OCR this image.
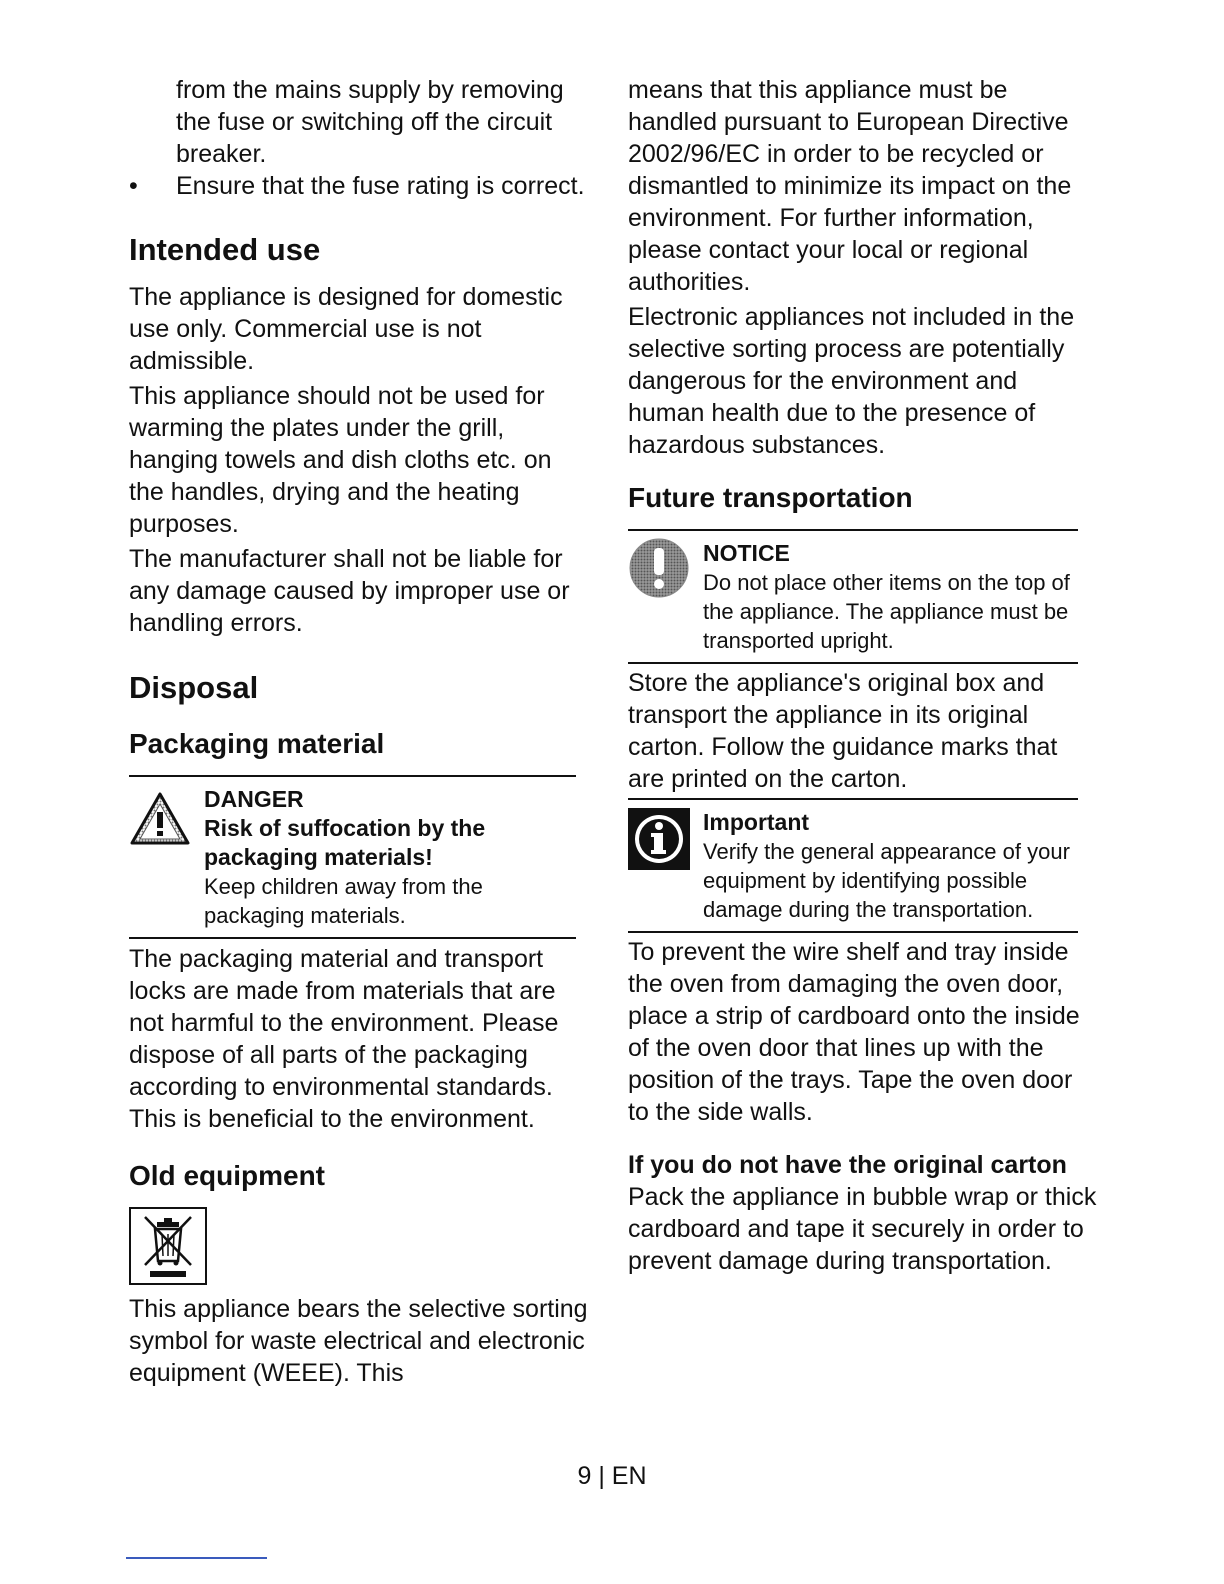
from the mains supply by removing the fuse or switching off the circuit breaker.

•	Ensure that the fuse rating is correct.
Intended use

The appliance is designed for domestic use only. Commercial use is not admissible.

This appliance should not be used for warming the plates under the grill, hanging towels and dish cloths etc. on the handles, drying and the heating purposes.

The manufacturer shall not be liable for any damage caused by improper use or handling errors.

Disposal
Packaging material
DANGER
Risk of suffocation by the packaging materials!
Keep children away from the packaging materials.

The packaging material and transport locks are made from materials that are not harmful to the environment. Please dispose of all parts of the packaging according to environmental standards. This is beneficial to the environment.

Old equipment

This appliance bears the selective sorting symbol for waste electrical and electronic equipment (WEEE). This

means that this appliance must be handled pursuant to European Directive 2002/96/EC in order to be recycled or dismantled to minimize its impact on the environment. For further information, please contact your local or regional authorities.

Electronic appliances not included in the selective sorting process are potentially dangerous for the environment and human health due to the presence of hazardous substances.

Future transportation
NOTICE
Do not place other items on the top of the appliance. The appliance must be transported upright.

Store the appliance's original box and transport the appliance in its original carton. Follow the guidance marks that are printed on the carton.

Important
Verify the general appearance of your equipment by identifying possible damage during the transportation.

To prevent the wire shelf and tray inside the oven from damaging the oven door, place a strip of cardboard onto the inside of the oven door that lines up with the position of the trays. Tape the oven door to the side walls.

If you do not have the original carton

Pack the appliance in bubble wrap or thick cardboard and tape it securely in order to prevent damage during transportation.

9 | EN
